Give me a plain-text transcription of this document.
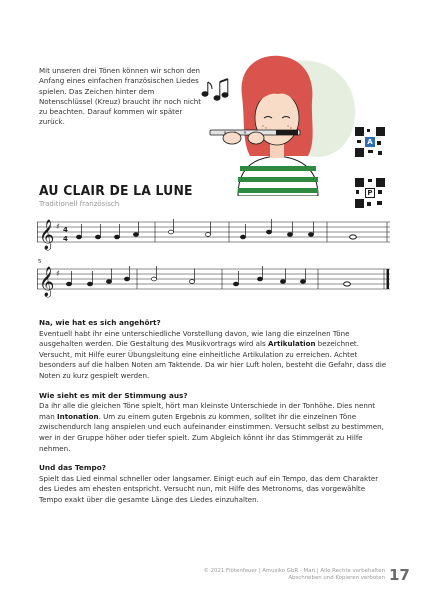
Mit unseren drei Tönen können wir schon den Anfang eines einfachen französischen Liedes spielen. Das Zeichen hinter dem Notenschlüssel (Kreuz) braucht ihr noch nicht zu beachten. Darauf kommen wir später zurück.
A
P
AU CLAIR DE LA LUNE
Traditionell französisch
𝄞 ♯ 4
4
5
𝄞 ♯
Na, wie hat es sich angehört?

Eventuell habt ihr eine unterschiedliche Vorstellung davon, wie lang die einzelnen Töne ausgehalten werden. Die Gestaltung des Musikvortrags wird als Artikulation bezeichnet. Versucht, mit Hilfe eurer Übungsleitung eine einheitliche Artikulation zu erreichen. Achtet besonders auf die halben Noten am Taktende. Da wir hier Luft holen, besteht die Gefahr, dass die Noten zu kurz gespielt werden.

Wie sieht es mit der Stimmung aus?

Da ihr alle die gleichen Töne spielt, hört man kleinste Unterschiede in der Tonhöhe. Dies nennt man Intonation. Um zu einem guten Ergebnis zu kommen, solltet ihr die einzelnen Töne zwischendurch lang anspielen und euch aufeinander einstimmen. Versucht selbst zu bestimmen, wer in der Gruppe höher oder tiefer spielt. Zum Abgleich könnt ihr das Stimmgerät zu Hilfe nehmen.

Und das Tempo?

Spielt das Lied einmal schneller oder langsamer. Einigt euch auf ein Tempo, das dem Charakter des Liedes am ehesten entspricht. Versucht nun, mit Hilfe des Metronoms, das vorgewählte Tempo exakt über die gesamte Länge des Liedes einzuhalten.

© 2021 Flötenfeuer | Amusiko GbR - Mari | Alle Rechte vorbehalten
Abschreiben und Kopieren verboten 17
